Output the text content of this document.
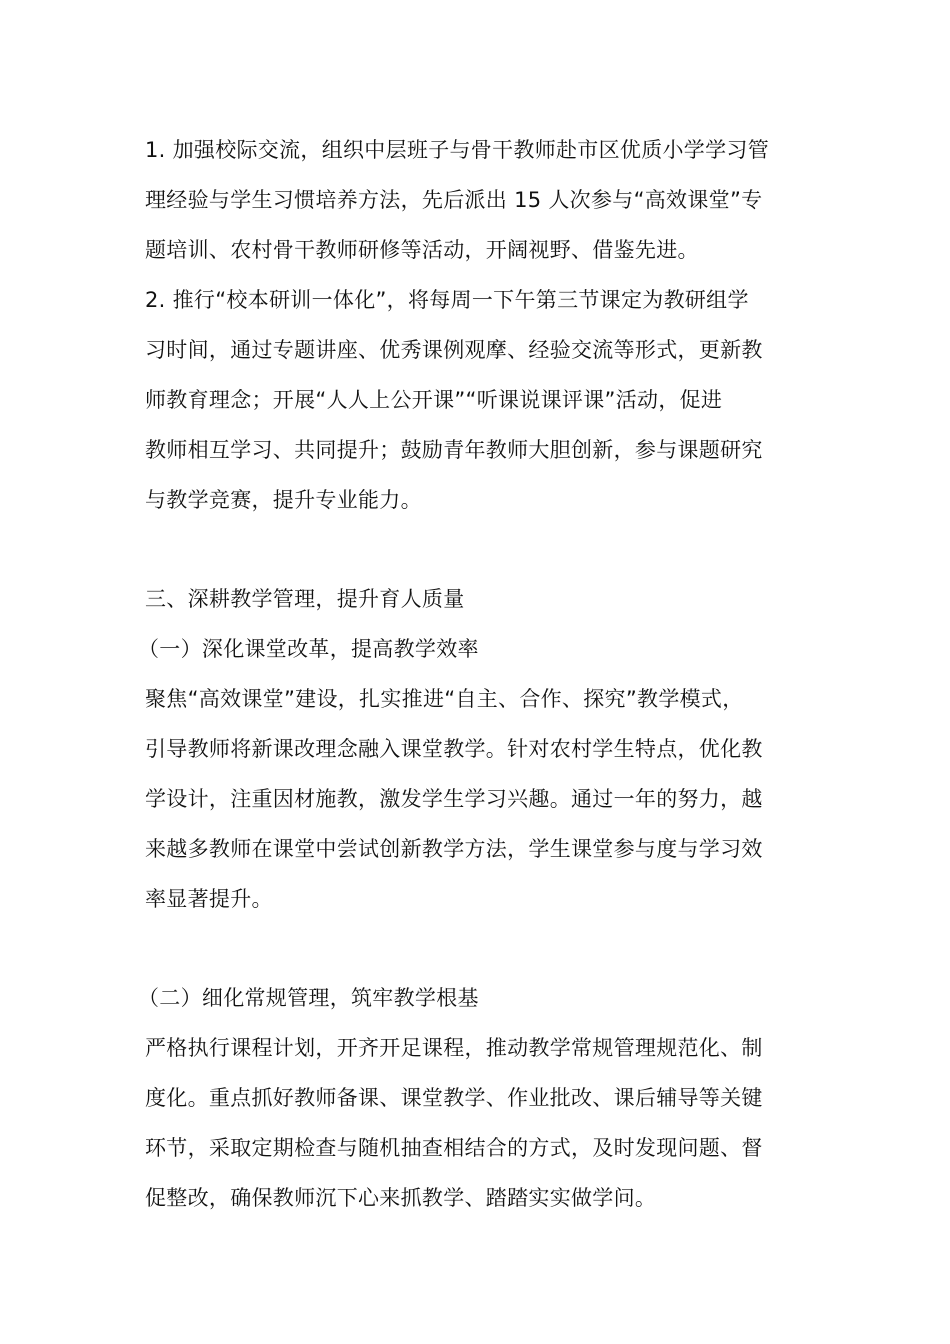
1. 加强校际交流，组织中层班子与骨干教师赴市区优质小学学习管
理经验与学生习惯培养方法，先后派出 15 人次参与“高效课堂”专
题培训、农村骨干教师研修等活动，开阔视野、借鉴先进。
2. 推行“校本研训一体化”，将每周一下午第三节课定为教研组学
习时间，通过专题讲座、优秀课例观摩、经验交流等形式，更新教
师教育理念；开展“人人上公开课”“听课说课评课”活动，促进
教师相互学习、共同提升；鼓励青年教师大胆创新，参与课题研究
与教学竞赛，提升专业能力。
三、深耕教学管理，提升育人质量
（一）深化课堂改革，提高教学效率
聚焦“高效课堂”建设，扎实推进“自主、合作、探究”教学模式，
引导教师将新课改理念融入课堂教学。针对农村学生特点，优化教
学设计，注重因材施教，激发学生学习兴趣。通过一年的努力，越
来越多教师在课堂中尝试创新教学方法，学生课堂参与度与学习效
率显著提升。
（二）细化常规管理，筑牢教学根基
严格执行课程计划，开齐开足课程，推动教学常规管理规范化、制
度化。重点抓好教师备课、课堂教学、作业批改、课后辅导等关键
环节，采取定期检查与随机抽查相结合的方式，及时发现问题、督
促整改，确保教师沉下心来抓教学、踏踏实实做学问。
